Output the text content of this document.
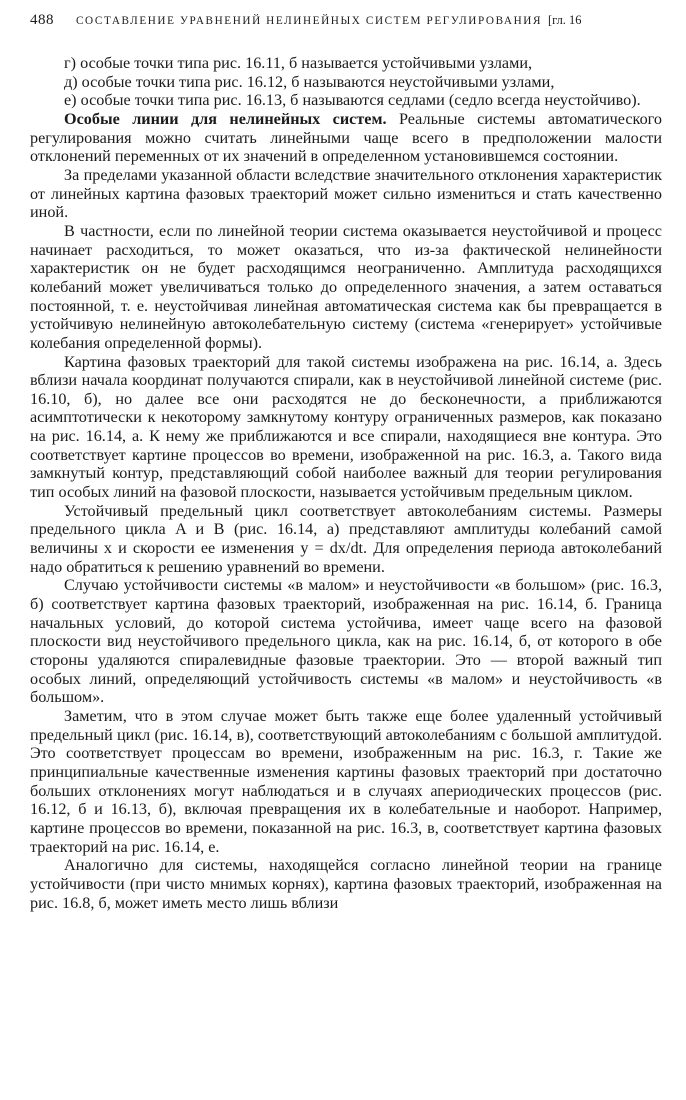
488 СОСТАВЛЕНИЕ УРАВНЕНИЙ НЕЛИНЕЙНЫХ СИСТЕМ РЕГУЛИРОВАНИЯ [гл. 16

г) особые точки типа рис. 16.11, б называется устойчивыми узлами,

д) особые точки типа рис. 16.12, б называются неустойчивыми узлами,

е) особые точки типа рис. 16.13, б называются седлами (седло всегда неустойчиво).

Особые линии для нелинейных систем. Реальные системы автоматического регулирования можно считать линейными чаще всего в предположении малости отклонений переменных от их значений в определенном установившемся состоянии.

За пределами указанной области вследствие значительного отклонения характеристик от линейных картина фазовых траекторий может сильно измениться и стать качественно иной.

В частности, если по линейной теории система оказывается неустойчивой и процесс начинает расходиться, то может оказаться, что из-за фактической нелинейности характеристик он не будет расходящимся неограниченно. Амплитуда расходящихся колебаний может увеличиваться только до определенного значения, а затем оставаться постоянной, т. е. неустойчивая линейная автоматическая система как бы превращается в устойчивую нелинейную автоколебательную систему (система «генерирует» устойчивые колебания определенной формы).

Картина фазовых траекторий для такой системы изображена на рис. 16.14, а. Здесь вблизи начала координат получаются спирали, как в неустойчивой линейной системе (рис. 16.10, б), но далее все они расходятся не до бесконечности, а приближаются асимптотически к некоторому замкнутому контуру ограниченных размеров, как показано на рис. 16.14, а. К нему же приближаются и все спирали, находящиеся вне контура. Это соответствует картине процессов во времени, изображенной на рис. 16.3, а. Такого вида замкнутый контур, представляющий собой наиболее важный для теории регулирования тип особых линий на фазовой плоскости, называется устойчивым предельным циклом.

Устойчивый предельный цикл соответствует автоколебаниям системы. Размеры предельного цикла A и B (рис. 16.14, а) представляют амплитуды колебаний самой величины x и скорости ее изменения y = dx/dt. Для определения периода автоколебаний надо обратиться к решению уравнений во времени.

Случаю устойчивости системы «в малом» и неустойчивости «в большом» (рис. 16.3, б) соответствует картина фазовых траекторий, изображенная на рис. 16.14, б. Граница начальных условий, до которой система устойчива, имеет чаще всего на фазовой плоскости вид неустойчивого предельного цикла, как на рис. 16.14, б, от которого в обе стороны удаляются спиралевидные фазовые траектории. Это — второй важный тип особых линий, определяющий устойчивость системы «в малом» и неустойчивость «в большом».

Заметим, что в этом случае может быть также еще более удаленный устойчивый предельный цикл (рис. 16.14, в), соответствующий автоколебаниям с большой амплитудой. Это соответствует процессам во времени, изображенным на рис. 16.3, г. Такие же принципиальные качественные изменения картины фазовых траекторий при достаточно больших отклонениях могут наблюдаться и в случаях апериодических процессов (рис. 16.12, б и 16.13, б), включая превращения их в колебательные и наоборот. Например, картине процессов во времени, показанной на рис. 16.3, в, соответствует картина фазовых траекторий на рис. 16.14, е.

Аналогично для системы, находящейся согласно линейной теории на границе устойчивости (при чисто мнимых корнях), картина фазовых траекторий, изображенная на рис. 16.8, б, может иметь место лишь вблизи
